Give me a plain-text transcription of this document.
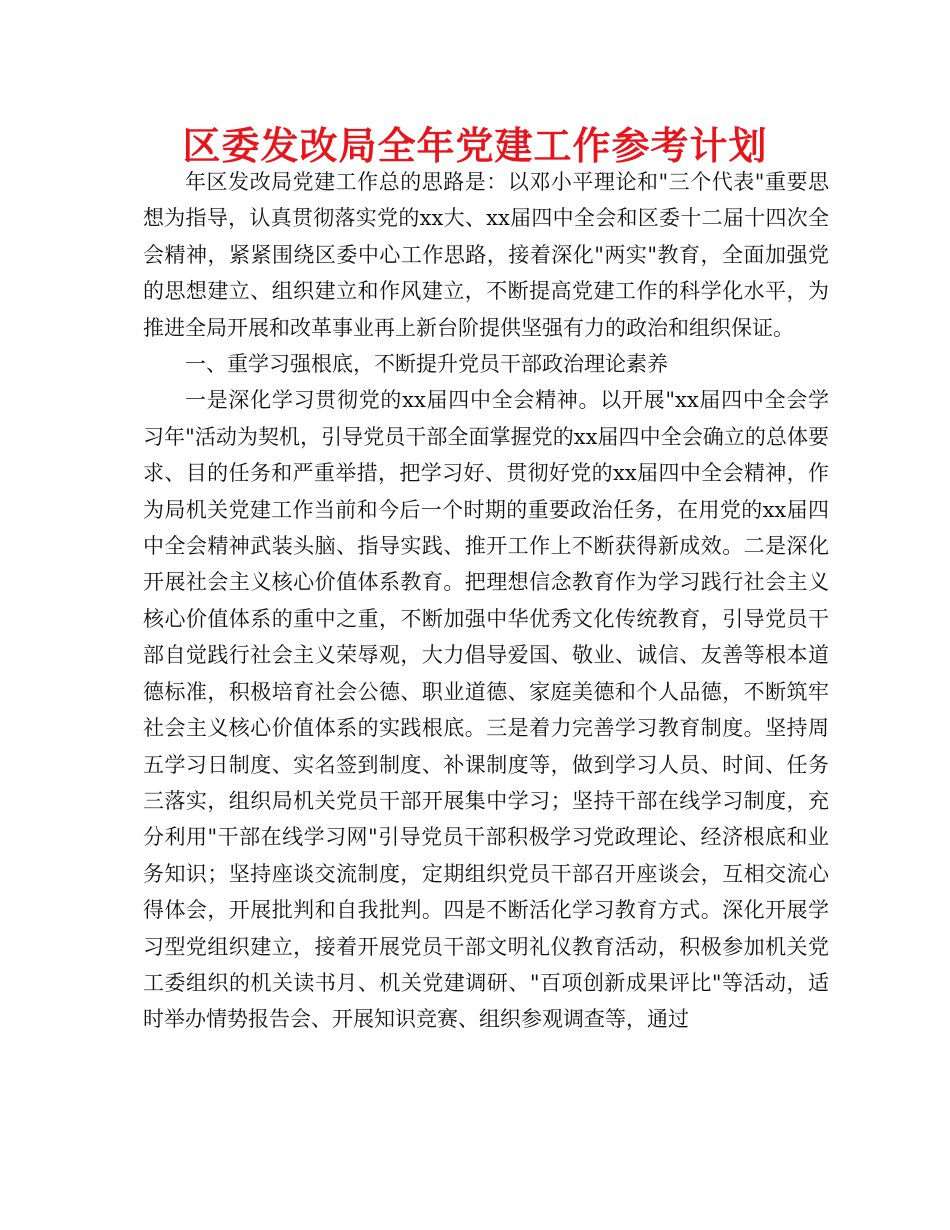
区委发改局全年党建工作参考计划

年区发改局党建工作总的思路是：以邓小平理论和"三个代表"重要思想为指导，认真贯彻落实党的xx大、xx届四中全会和区委十二届十四次全会精神，紧紧围绕区委中心工作思路，接着深化"两实"教育，全面加强党的思想建立、组织建立和作风建立，不断提高党建工作的科学化水平，为推进全局开展和改革事业再上新台阶提供坚强有力的政治和组织保证。

一、重学习强根底，不断提升党员干部政治理论素养

一是深化学习贯彻党的xx届四中全会精神。以开展"xx届四中全会学习年"活动为契机，引导党员干部全面掌握党的xx届四中全会确立的总体要求、目的任务和严重举措，把学习好、贯彻好党的xx届四中全会精神，作为局机关党建工作当前和今后一个时期的重要政治任务，在用党的xx届四中全会精神武装头脑、指导实践、推开工作上不断获得新成效。二是深化开展社会主义核心价值体系教育。把理想信念教育作为学习践行社会主义核心价值体系的重中之重，不断加强中华优秀文化传统教育，引导党员干部自觉践行社会主义荣辱观，大力倡导爱国、敬业、诚信、友善等根本道德标准，积极培育社会公德、职业道德、家庭美德和个人品德，不断筑牢社会主义核心价值体系的实践根底。三是着力完善学习教育制度。坚持周五学习日制度、实名签到制度、补课制度等，做到学习人员、时间、任务三落实，组织局机关党员干部开展集中学习；坚持干部在线学习制度，充分利用"干部在线学习网"引导党员干部积极学习党政理论、经济根底和业务知识；坚持座谈交流制度，定期组织党员干部召开座谈会，互相交流心得体会，开展批判和自我批判。四是不断活化学习教育方式。深化开展学习型党组织建立，接着开展党员干部文明礼仪教育活动，积极参加机关党工委组织的机关读书月、机关党建调研、"百项创新成果评比"等活动，适时举办情势报告会、开展知识竞赛、组织参观调查等，通过
